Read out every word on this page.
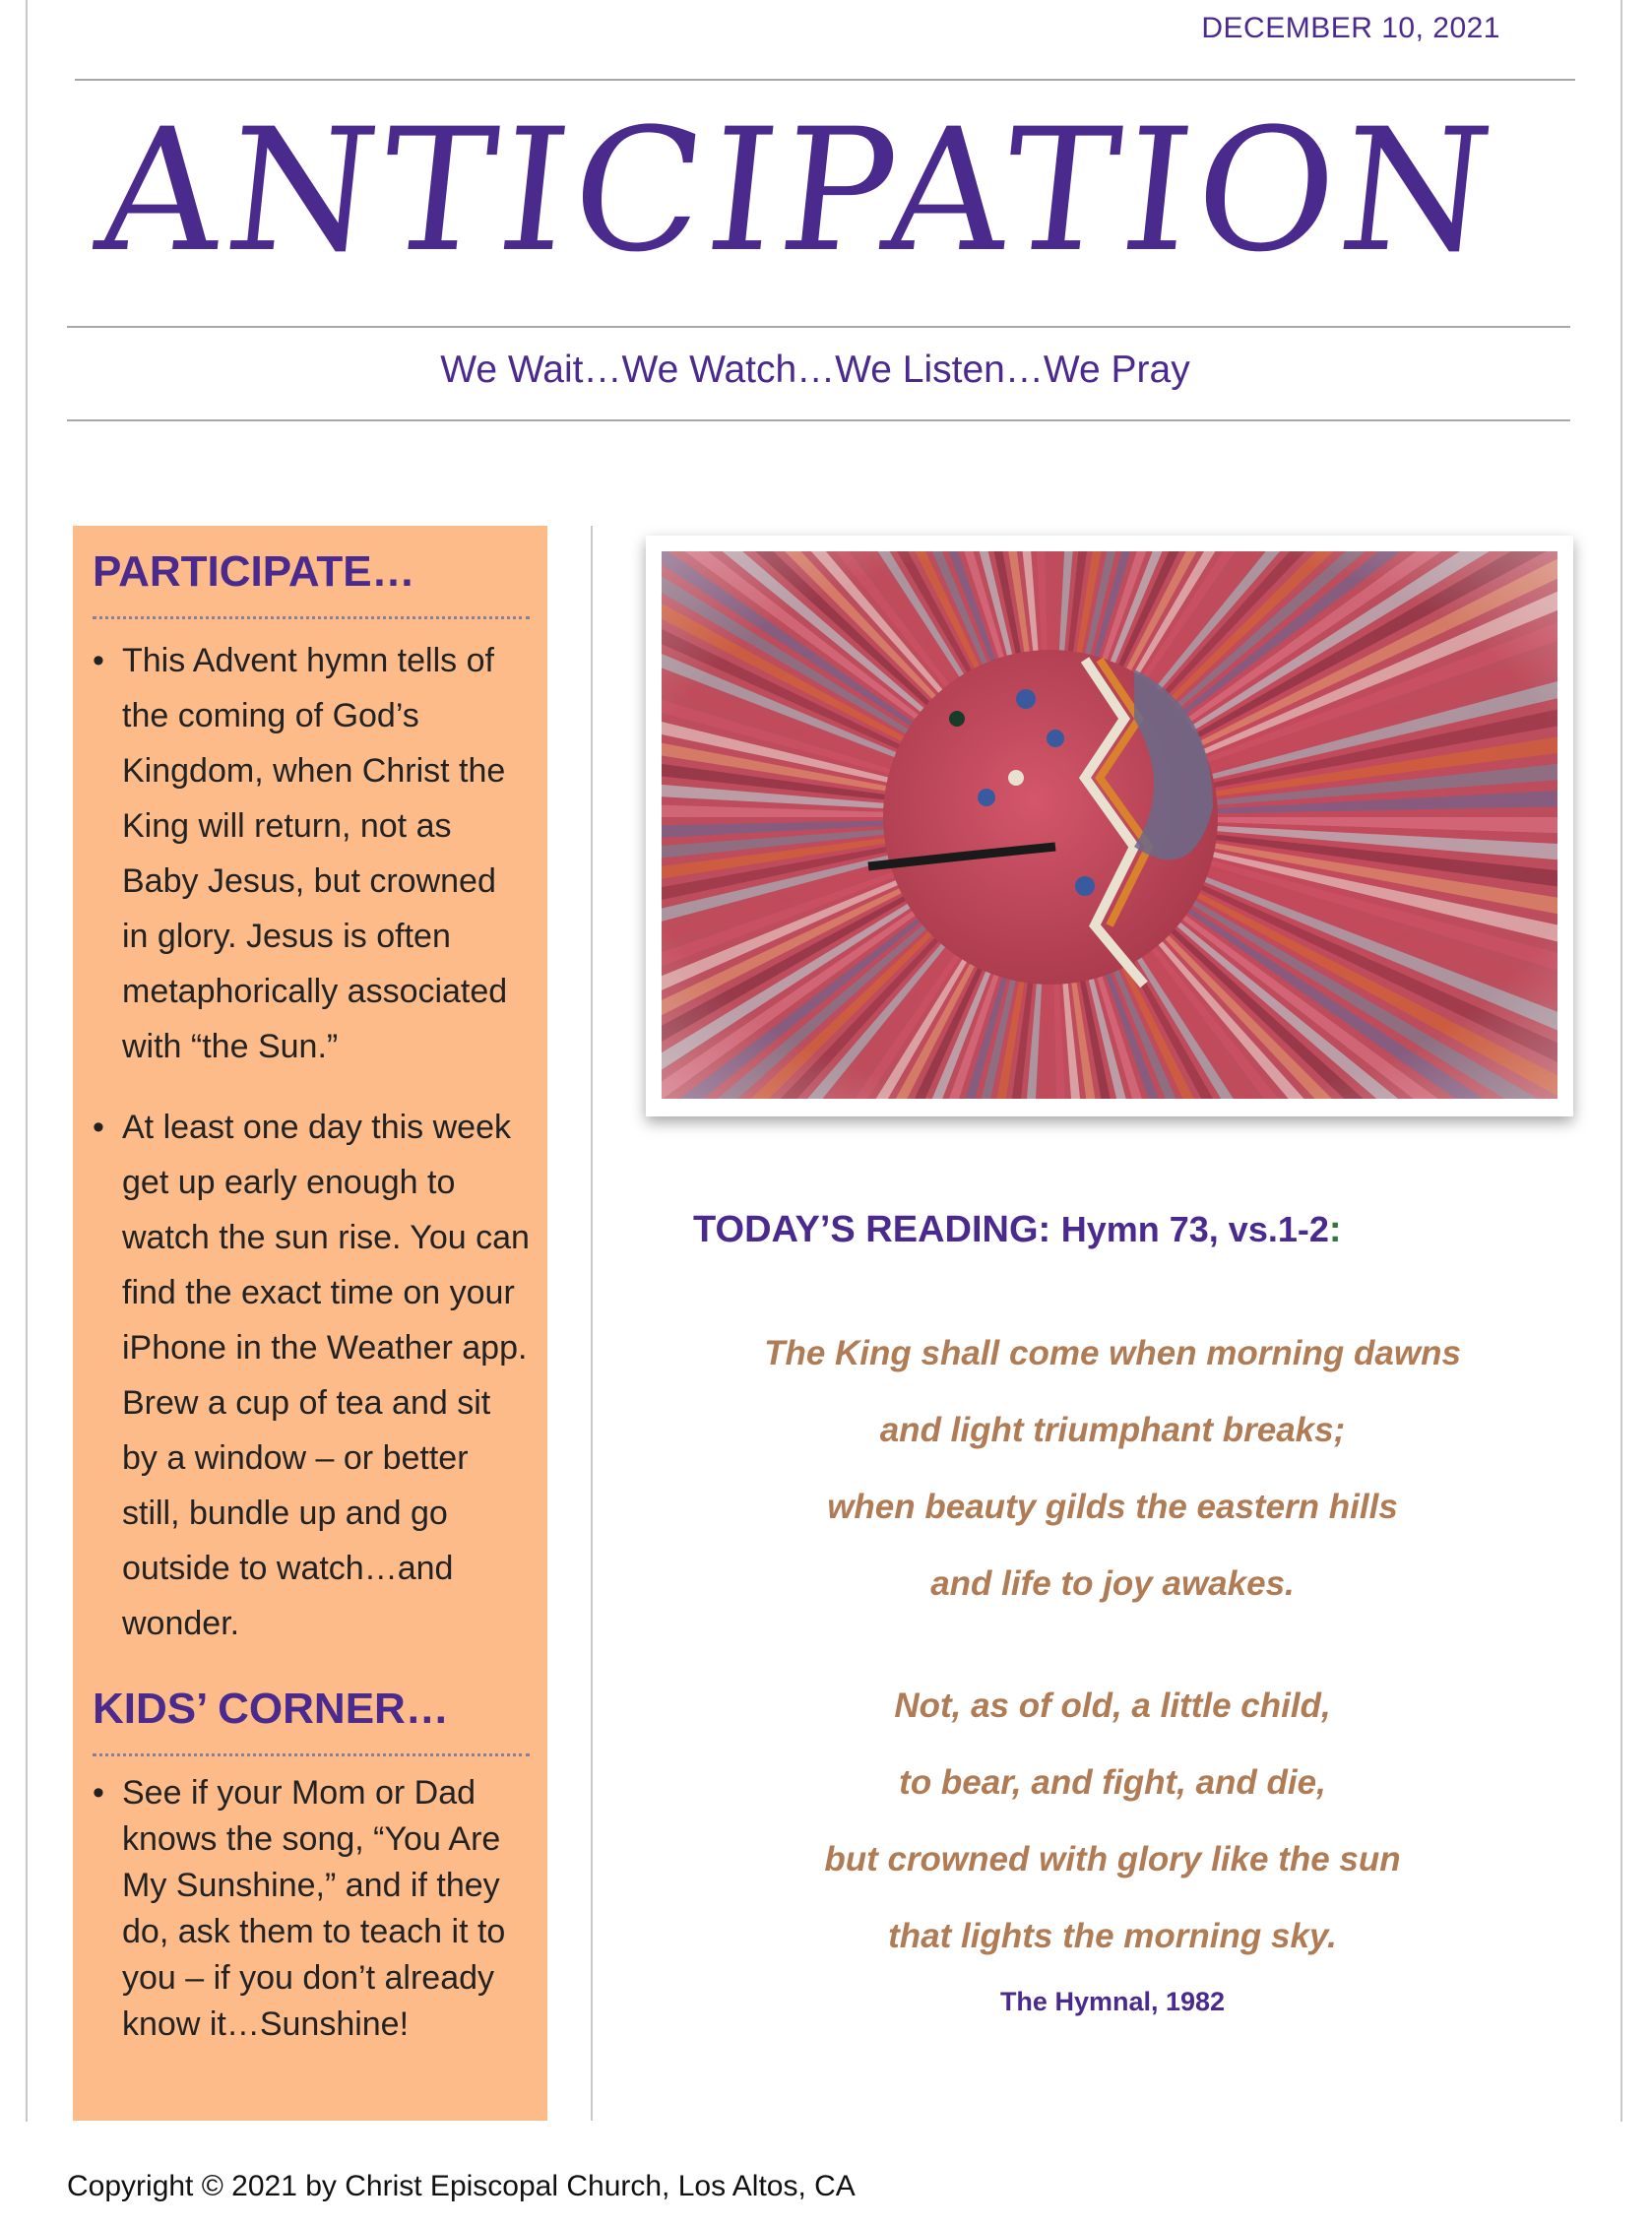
DECEMBER 10, 2021
ANTICIPATION
We Wait…We Watch…We Listen…We Pray
PARTICIPATE…
• This Advent hymn tells of the coming of God’s Kingdom, when Christ the King will return, not as Baby Jesus, but crowned in glory. Jesus is often metaphorically associated with “the Sun.”
• At least one day this week get up early enough to watch the sun rise. You can find the exact time on your iPhone in the Weather app. Brew a cup of tea and sit by a window – or better still, bundle up and go outside to watch…and wonder.
KIDS’ CORNER…
• See if your Mom or Dad knows the song, “You Are My Sunshine,” and if they do, ask them to teach it to you – if you don’t already know it…Sunshine!
TODAY’S READING: Hymn 73, vs.1-2:
The King shall come when morning dawns
and light triumphant breaks;
when beauty gilds the eastern hills
and life to joy awakes.
Not, as of old, a little child,
to bear, and fight, and die,
but crowned with glory like the sun
that lights the morning sky.
The Hymnal, 1982
Copyright © 2021 by Christ Episcopal Church, Los Altos, CA
